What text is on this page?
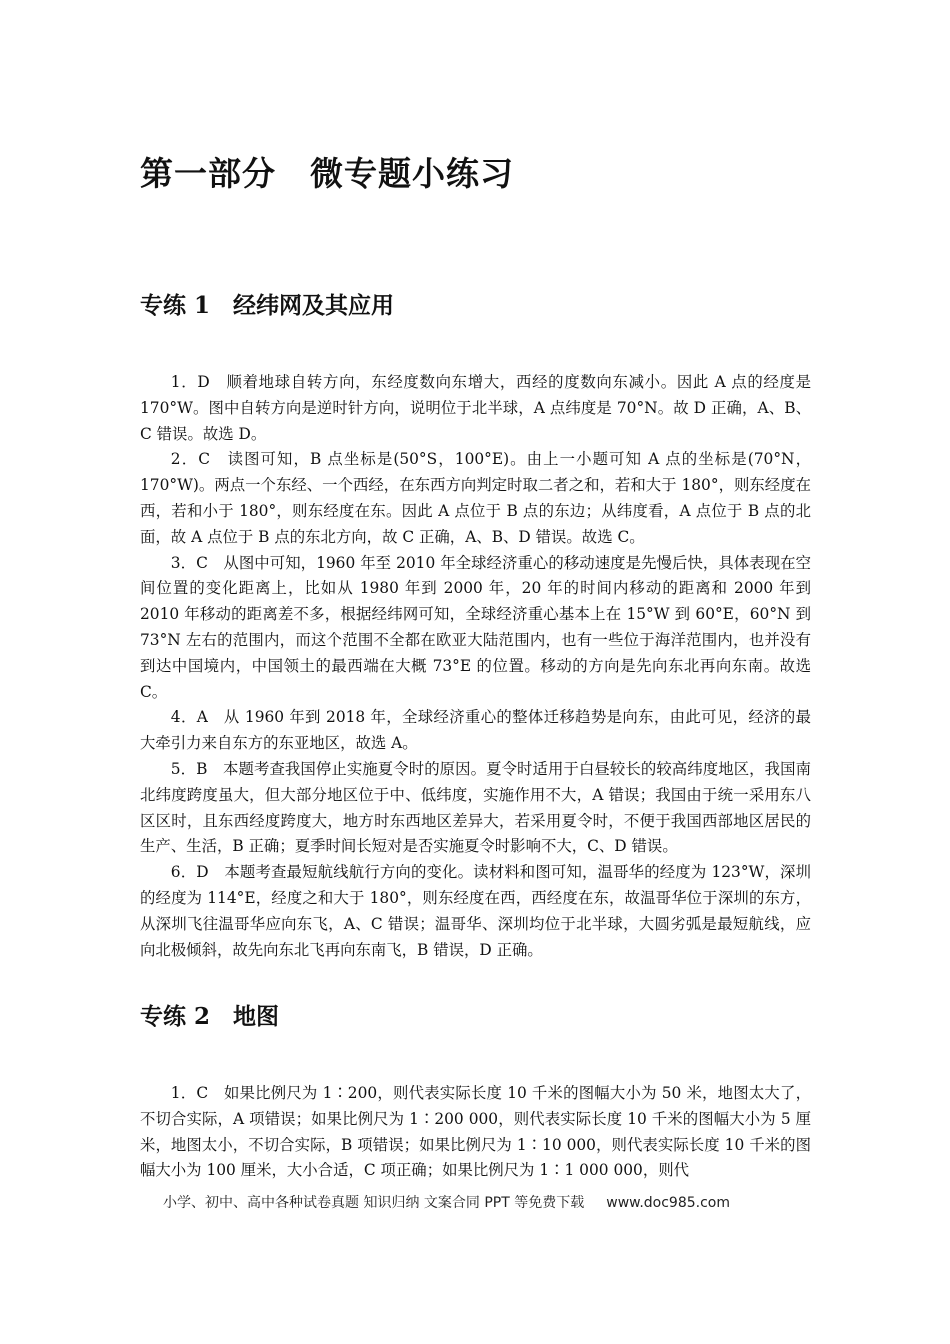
第一部分　微专题小练习
专练 1　经纬网及其应用

1．D　顺着地球自转方向，东经度数向东增大，西经的度数向东减小。因此 A 点的经度是 170°W。图中自转方向是逆时针方向，说明位于北半球，A 点纬度是 70°N。故 D 正确，A、B、C 错误。故选 D。

2．C　读图可知，B 点坐标是(50°S，100°E)。由上一小题可知 A 点的坐标是(70°N，170°W)。两点一个东经、一个西经，在东西方向判定时取二者之和，若和大于 180°，则东经度在西，若和小于 180°，则东经度在东。因此 A 点位于 B 点的东边；从纬度看，A 点位于 B 点的北面，故 A 点位于 B 点的东北方向，故 C 正确，A、B、D 错误。故选 C。

3．C　从图中可知，1960 年至 2010 年全球经济重心的移动速度是先慢后快，具体表现在空间位置的变化距离上，比如从 1980 年到 2000 年，20 年的时间内移动的距离和 2000 年到 2010 年移动的距离差不多，根据经纬网可知，全球经济重心基本上在 15°W 到 60°E，60°N 到 73°N 左右的范围内，而这个范围不全都在欧亚大陆范围内，也有一些位于海洋范围内，也并没有到达中国境内，中国领土的最西端在大概 73°E 的位置。移动的方向是先向东北再向东南。故选 C。

4．A　从 1960 年到 2018 年，全球经济重心的整体迁移趋势是向东，由此可见，经济的最大牵引力来自东方的东亚地区，故选 A。

5．B　本题考查我国停止实施夏令时的原因。夏令时适用于白昼较长的较高纬度地区，我国南北纬度跨度虽大，但大部分地区位于中、低纬度，实施作用不大，A 错误；我国由于统一采用东八区区时，且东西经度跨度大，地方时东西地区差异大，若采用夏令时，不便于我国西部地区居民的生产、生活，B 正确；夏季时间长短对是否实施夏令时影响不大，C、D 错误。

6．D　本题考查最短航线航行方向的变化。读材料和图可知，温哥华的经度为 123°W，深圳的经度为 114°E，经度之和大于 180°，则东经度在西，西经度在东，故温哥华位于深圳的东方，从深圳飞往温哥华应向东飞，A、C 错误；温哥华、深圳均位于北半球，大圆劣弧是最短航线，应向北极倾斜，故先向东北飞再向东南飞，B 错误，D 正确。

专练 2　地图

1．C　如果比例尺为 1∶200，则代表实际长度 10 千米的图幅大小为 50 米，地图太大了，不切合实际，A 项错误；如果比例尺为 1∶200 000，则代表实际长度 10 千米的图幅大小为 5 厘米，地图太小，不切合实际，B 项错误；如果比例尺为 1∶10 000，则代表实际长度 10 千米的图幅大小为 100 厘米，大小合适，C 项正确；如果比例尺为 1∶1 000 000，则代

小学、初中、高中各种试卷真题 知识归纳 文案合同 PPT 等免费下载 www.doc985.com
